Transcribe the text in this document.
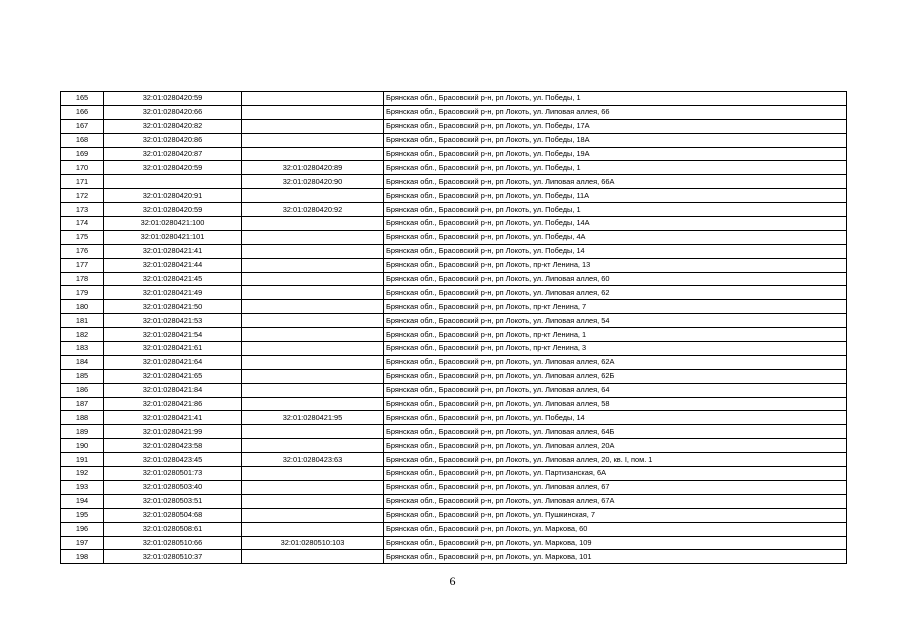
165	32:01:0280420:59		Брянская обл., Брасовский р-н, рп Локоть, ул. Победы, 1
166	32:01:0280420:66		Брянская обл., Брасовский р-н, рп Локоть, ул. Липовая аллея, 66
167	32:01:0280420:82		Брянская обл., Брасовский р-н, рп Локоть, ул. Победы, 17А
168	32:01:0280420:86		Брянская обл., Брасовский р-н, рп Локоть, ул. Победы, 18А
169	32:01:0280420:87		Брянская обл., Брасовский р-н, рп Локоть, ул. Победы, 19А
170	32:01:0280420:59	32:01:0280420:89	Брянская обл., Брасовский р-н, рп Локоть, ул. Победы, 1
171		32:01:0280420:90	Брянская обл., Брасовский р-н, рп Локоть, ул. Липовая аллея, 66А
172	32:01:0280420:91		Брянская обл., Брасовский р-н, рп Локоть, ул. Победы, 11А
173	32:01:0280420:59	32:01:0280420:92	Брянская обл., Брасовский р-н, рп Локоть, ул. Победы, 1
174	32:01:0280421:100		Брянская обл., Брасовский р-н, рп Локоть, ул. Победы, 14А
175	32:01:0280421:101		Брянская обл., Брасовский р-н, рп Локоть, ул. Победы, 4А
176	32:01:0280421:41		Брянская обл., Брасовский р-н, рп Локоть, ул. Победы, 14
177	32:01:0280421:44		Брянская обл., Брасовский р-н, рп Локоть, пр-кт Ленина, 13
178	32:01:0280421:45		Брянская обл., Брасовский р-н, рп Локоть, ул. Липовая аллея, 60
179	32:01:0280421:49		Брянская обл., Брасовский р-н, рп Локоть, ул. Липовая аллея, 62
180	32:01:0280421:50		Брянская обл., Брасовский р-н, рп Локоть, пр-кт Ленина, 7
181	32:01:0280421:53		Брянская обл., Брасовский р-н, рп Локоть, ул. Липовая аллея, 54
182	32:01:0280421:54		Брянская обл., Брасовский р-н, рп Локоть, пр-кт Ленина, 1
183	32:01:0280421:61		Брянская обл., Брасовский р-н, рп Локоть, пр-кт Ленина, 3
184	32:01:0280421:64		Брянская обл., Брасовский р-н, рп Локоть, ул. Липовая аллея, 62А
185	32:01:0280421:65		Брянская обл., Брасовский р-н, рп Локоть, ул. Липовая аллея, 62Б
186	32:01:0280421:84		Брянская обл., Брасовский р-н, рп Локоть, ул. Липовая аллея, 64
187	32:01:0280421:86		Брянская обл., Брасовский р-н, рп Локоть, ул. Липовая аллея, 58
188	32:01:0280421:41	32:01:0280421:95	Брянская обл., Брасовский р-н, рп Локоть, ул. Победы, 14
189	32:01:0280421:99		Брянская обл., Брасовский р-н, рп Локоть, ул. Липовая аллея, 64Б
190	32:01:0280423:58		Брянская обл., Брасовский р-н, рп Локоть, ул. Липовая аллея, 20А
191	32:01:0280423:45	32:01:0280423:63	Брянская обл., Брасовский р-н, рп Локоть, ул. Липовая аллея, 20, кв. I, пом. 1
192	32:01:0280501:73		Брянская обл., Брасовский р-н, рп Локоть, ул. Партизанская, 6А
193	32:01:0280503:40		Брянская обл., Брасовский р-н, рп Локоть, ул. Липовая аллея, 67
194	32:01:0280503:51		Брянская обл., Брасовский р-н, рп Локоть, ул. Липовая аллея, 67А
195	32:01:0280504:68		Брянская обл., Брасовский р-н, рп Локоть, ул. Пушкинская, 7
196	32:01:0280508:61		Брянская обл., Брасовский р-н, рп Локоть, ул. Маркова, 60
197	32:01:0280510:66	32:01:0280510:103	Брянская обл., Брасовский р-н, рп Локоть, ул. Маркова, 109
198	32:01:0280510:37		Брянская обл., Брасовский р-н, рп Локоть, ул. Маркова, 101
6
